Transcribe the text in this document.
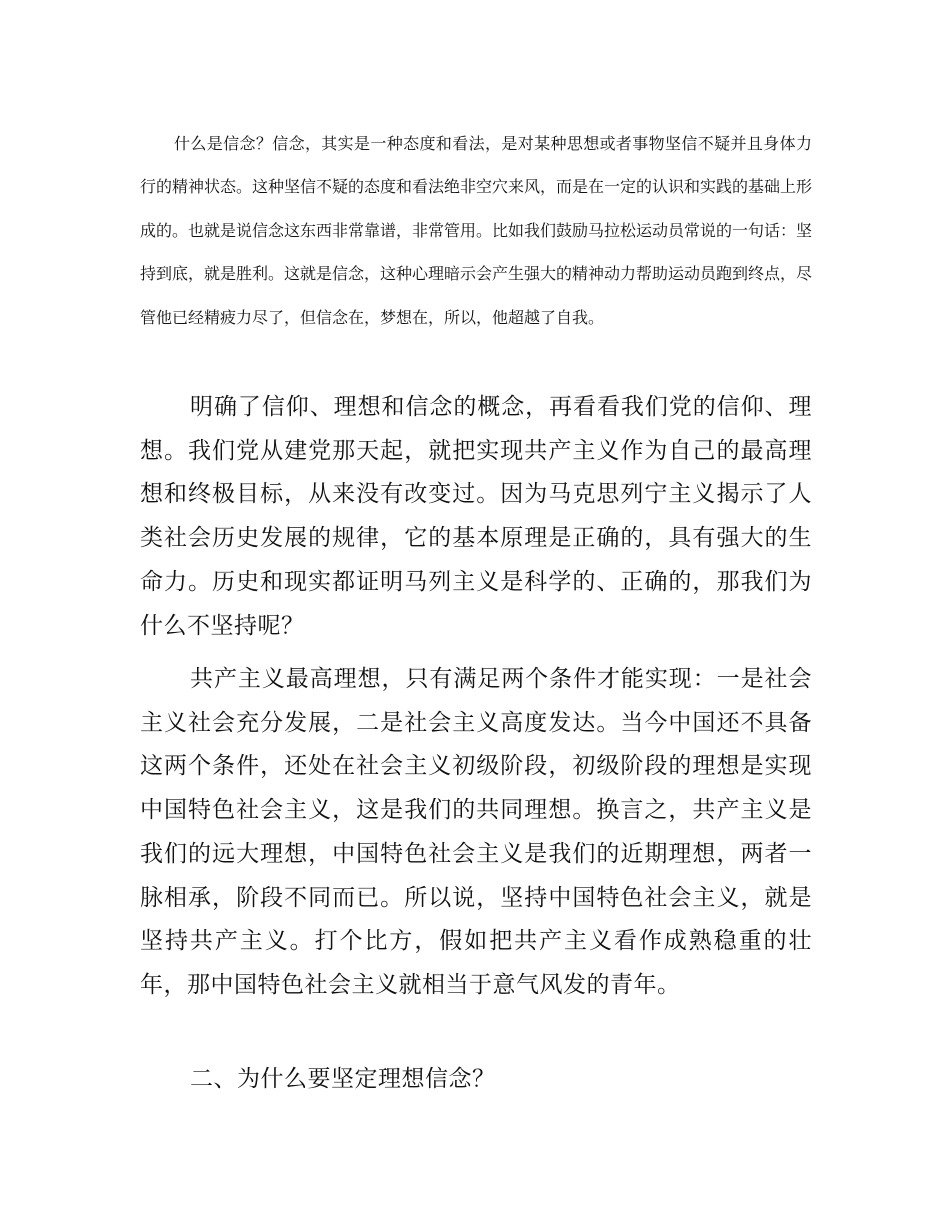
什么是信念？信念，其实是一种态度和看法，是对某种思想或者事物坚信不疑并且身体力行的精神状态。这种坚信不疑的态度和看法绝非空穴来风，而是在一定的认识和实践的基础上形成的。也就是说信念这东西非常靠谱，非常管用。比如我们鼓励马拉松运动员常说的一句话：坚持到底，就是胜利。这就是信念，这种心理暗示会产生强大的精神动力帮助运动员跑到终点，尽管他已经精疲力尽了，但信念在，梦想在，所以，他超越了自我。

明确了信仰、理想和信念的概念，再看看我们党的信仰、理想。我们党从建党那天起，就把实现共产主义作为自己的最高理想和终极目标，从来没有改变过。因为马克思列宁主义揭示了人类社会历史发展的规律，它的基本原理是正确的，具有强大的生命力。历史和现实都证明马列主义是科学的、正确的，那我们为什么不坚持呢？

共产主义最高理想，只有满足两个条件才能实现：一是社会主义社会充分发展，二是社会主义高度发达。当今中国还不具备这两个条件，还处在社会主义初级阶段，初级阶段的理想是实现中国特色社会主义，这是我们的共同理想。换言之，共产主义是我们的远大理想，中国特色社会主义是我们的近期理想，两者一脉相承，阶段不同而已。所以说，坚持中国特色社会主义，就是坚持共产主义。打个比方，假如把共产主义看作成熟稳重的壮年，那中国特色社会主义就相当于意气风发的青年。

二、为什么要坚定理想信念？
